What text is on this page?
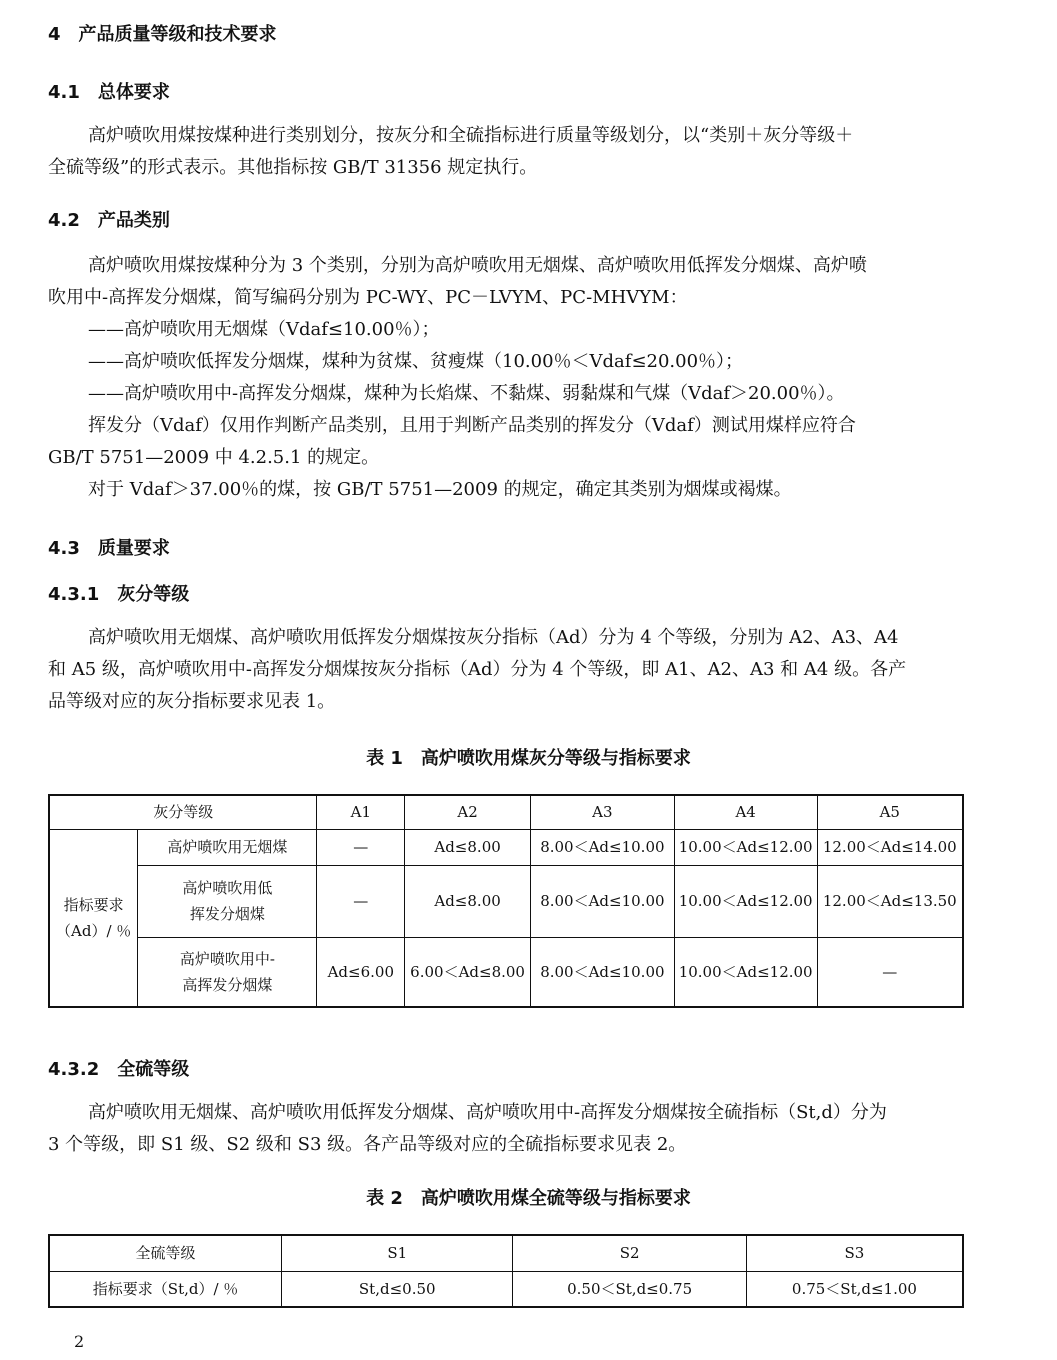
4　 产品质量等级和技术要求
4.1　 总体要求
高炉喷吹用煤按煤种进行类别划分，按灰分和全硫指标进行质量等级划分，以“类别＋灰分等级＋
全硫等级”的形式表示。其他指标按 GB/T 31356 规定执行。
4.2　 产品类别
高炉喷吹用煤按煤种分为 3 个类别，分别为高炉喷吹用无烟煤、高炉喷吹用低挥发分烟煤、高炉喷
吹用中-高挥发分烟煤，简写编码分别为 PC-WY、PC－LVYM、PC-MHVYM：
——高炉喷吹用无烟煤（Vdaf≤10.00％）；
——高炉喷吹低挥发分烟煤，煤种为贫煤、贫瘦煤（10.00％＜Vdaf≤20.00％）；
——高炉喷吹用中-高挥发分烟煤，煤种为长焰煤、不黏煤、弱黏煤和气煤（Vdaf＞20.00％）。
挥发分（Vdaf）仅用作判断产品类别，且用于判断产品类别的挥发分（Vdaf）测试用煤样应符合
GB/T 5751—2009 中 4.2.5.1 的规定。
对于 Vdaf＞37.00％的煤，按 GB/T 5751—2009 的规定，确定其类别为烟煤或褐煤。
4.3　 质量要求
4.3.1　 灰分等级
高炉喷吹用无烟煤、高炉喷吹用低挥发分烟煤按灰分指标（Ad）分为 4 个等级，分别为 A2、A3、A4
和 A5 级，高炉喷吹用中-高挥发分烟煤按灰分指标（Ad）分为 4 个等级，即 A1、A2、A3 和 A4 级。各产
品等级对应的灰分指标要求见表 1。
表 1　高炉喷吹用煤灰分等级与指标要求
灰分等级		A1	A2	A3	A4	A5

指标要求
（Ad）/ ％	高炉喷吹用无烟煤	—	Ad≤8.00	8.00＜Ad≤10.00	10.00＜Ad≤12.00	12.00＜Ad≤14.00

	高炉喷吹用低
挥发分烟煤	—	Ad≤8.00	8.00＜Ad≤10.00	10.00＜Ad≤12.00	12.00＜Ad≤13.50

	高炉喷吹用中-
高挥发分烟煤	Ad≤6.00	6.00＜Ad≤8.00	8.00＜Ad≤10.00	10.00＜Ad≤12.00	—
4.3.2　 全硫等级
高炉喷吹用无烟煤、高炉喷吹用低挥发分烟煤、高炉喷吹用中-高挥发分烟煤按全硫指标（St,d）分为
3 个等级，即 S1 级、S2 级和 S3 级。各产品等级对应的全硫指标要求见表 2。
表 2　高炉喷吹用煤全硫等级与指标要求
全硫等级	S1	S2	S3
指标要求（St,d）/ ％	St,d≤0.50	0.50＜St,d≤0.75	0.75＜St,d≤1.00
2
